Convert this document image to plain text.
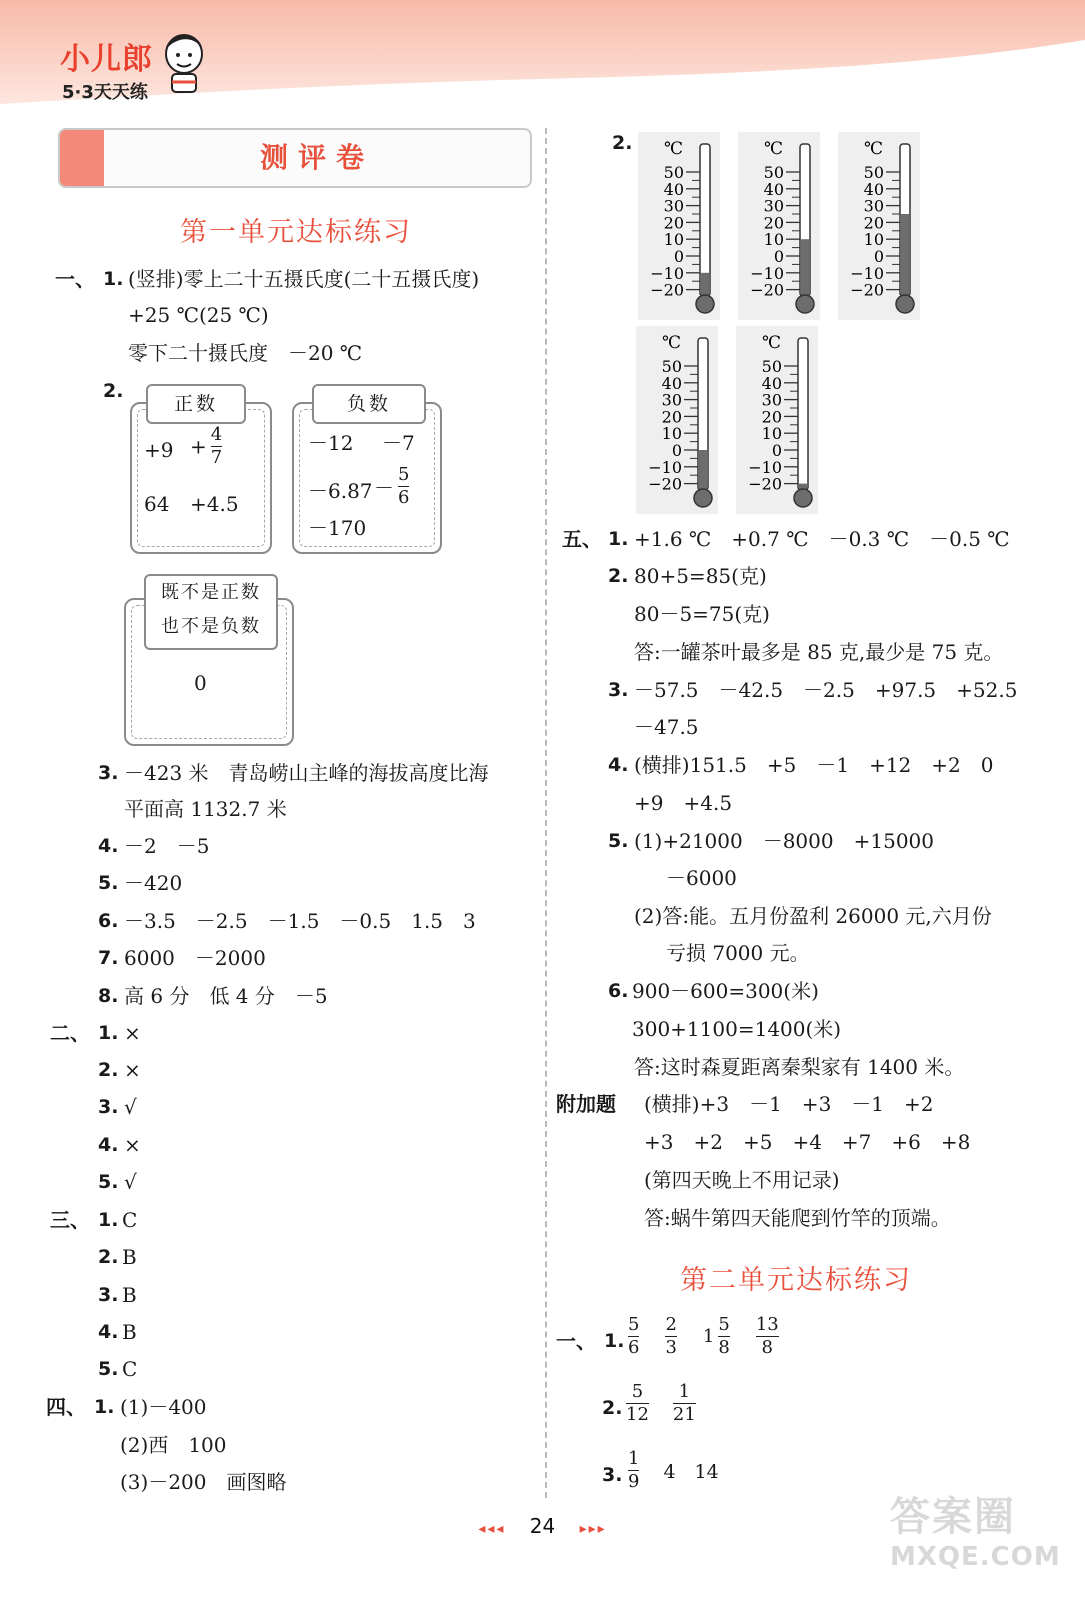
小儿郎
5·3天天练
测评卷
第一单元达标练习
一、 1. (竖排)零上二十五摄氏度(二十五摄氏度)
+25 ℃(25 ℃)
零下二十摄氏度　－20 ℃
2.
正数
$+9 + \frac{4}{7}$
64 +4.5
负数
－12 －7
$-6.87 - \frac{5}{6}$
－170
既不是正数
也不是负数
0
3. －423 米　青岛崂山主峰的海拔高度比海
平面高 1132.7 米
4. －2　－5
5. －420
6. －3.5　－2.5　－1.5　－0.5　1.5　3
7. 6000　－2000
8. 高 6 分　低 4 分　－5
二、 1. ×
2. ×
3. √
4. ×
5. √
三、 1. C
2. B
3. B
4. B
5. C
四、 1. (1)－400
(2)西　100
(3)－200　画图略
2. ℃
50
40
30
20
10
0
−10
−20
℃
50
40
30
20
10
0
−10
−20
℃
50
40
30
20
10
0
−10
−20
℃
50
40
30
20
10
0
−10
−20
℃
50
40
30
20
10
0
−10
−20
五、 1. +1.6 ℃　+0.7 ℃　－0.3 ℃　－0.5 ℃
2. 80+5=85(克)
80－5=75(克)
答:一罐茶叶最多是 85 克,最少是 75 克。
3. －57.5　－42.5　－2.5　+97.5　+52.5
－47.5
4. (横排)151.5　+5　－1　+12　+2　0
+9　+4.5
5. (1)+21000　－8000　+15000
－6000
(2)答:能。五月份盈利 26000 元,六月份
亏损 7000 元。
6. 900－600=300(米)
300+1100=1400(米)
答:这时森夏距离秦梨家有 1400 米。
附加题 (横排)+3　－1　+3　－1　+2
+3　+2　+5　+4　+7　+6　+8
(第四天晚上不用记录)
答:蜗牛第四天能爬到竹竿的顶端。
第二单元达标练习
一、 1. $\frac{5}{6} \frac{2}{3} 1 \frac{5}{8} \frac{13}{8}$
2. $\frac{5}{12} \frac{1}{21}$
3. $\frac{1}{9} 4$　14
◂◂◂ 24 ▸▸▸	答案圈
MXQE.COM
